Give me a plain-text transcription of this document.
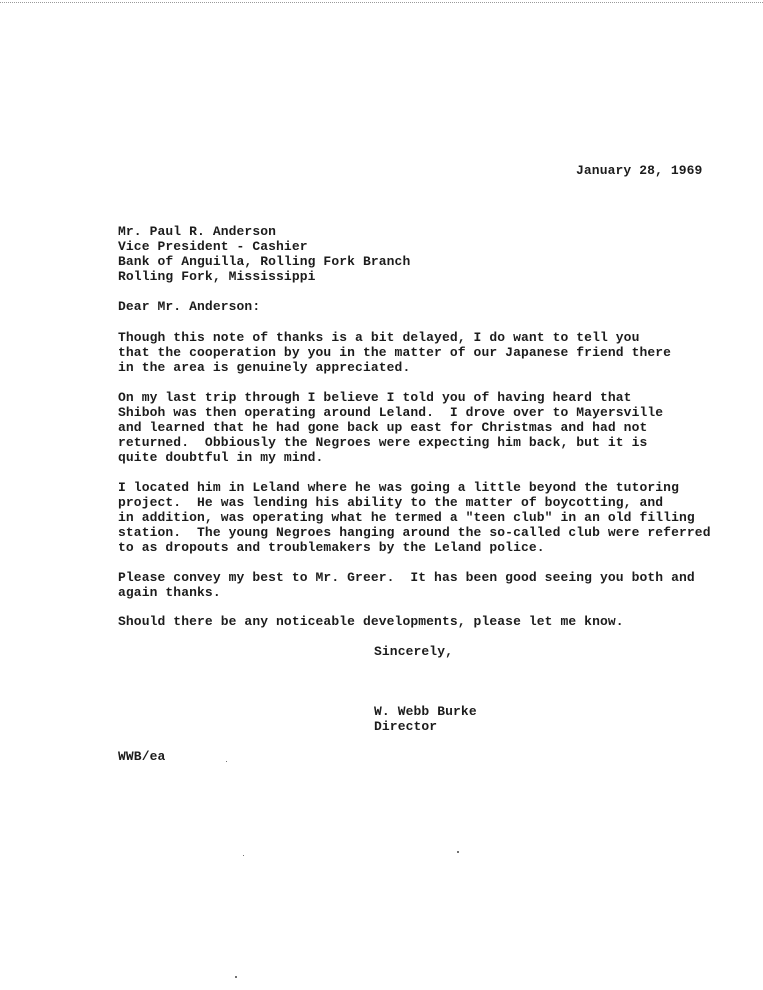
January 28, 1969
Mr. Paul R. Anderson
Vice President - Cashier
Bank of Anguilla, Rolling Fork Branch
Rolling Fork, Mississippi
Dear Mr. Anderson:
Though this note of thanks is a bit delayed, I do want to tell you
that the cooperation by you in the matter of our Japanese friend there
in the area is genuinely appreciated.
On my last trip through I believe I told you of having heard that
Shiboh was then operating around Leland.  I drove over to Mayersville
and learned that he had gone back up east for Christmas and had not
returned.  Obbiously the Negroes were expecting him back, but it is
quite doubtful in my mind.
I located him in Leland where he was going a little beyond the tutoring
project.  He was lending his ability to the matter of boycotting, and
in addition, was operating what he termed a "teen club" in an old filling
station.  The young Negroes hanging around the so-called club were referred
to as dropouts and troublemakers by the Leland police.
Please convey my best to Mr. Greer.  It has been good seeing you both and
again thanks.
Should there be any noticeable developments, please let me know.
Sincerely,
W. Webb Burke
Director
WWB/ea
